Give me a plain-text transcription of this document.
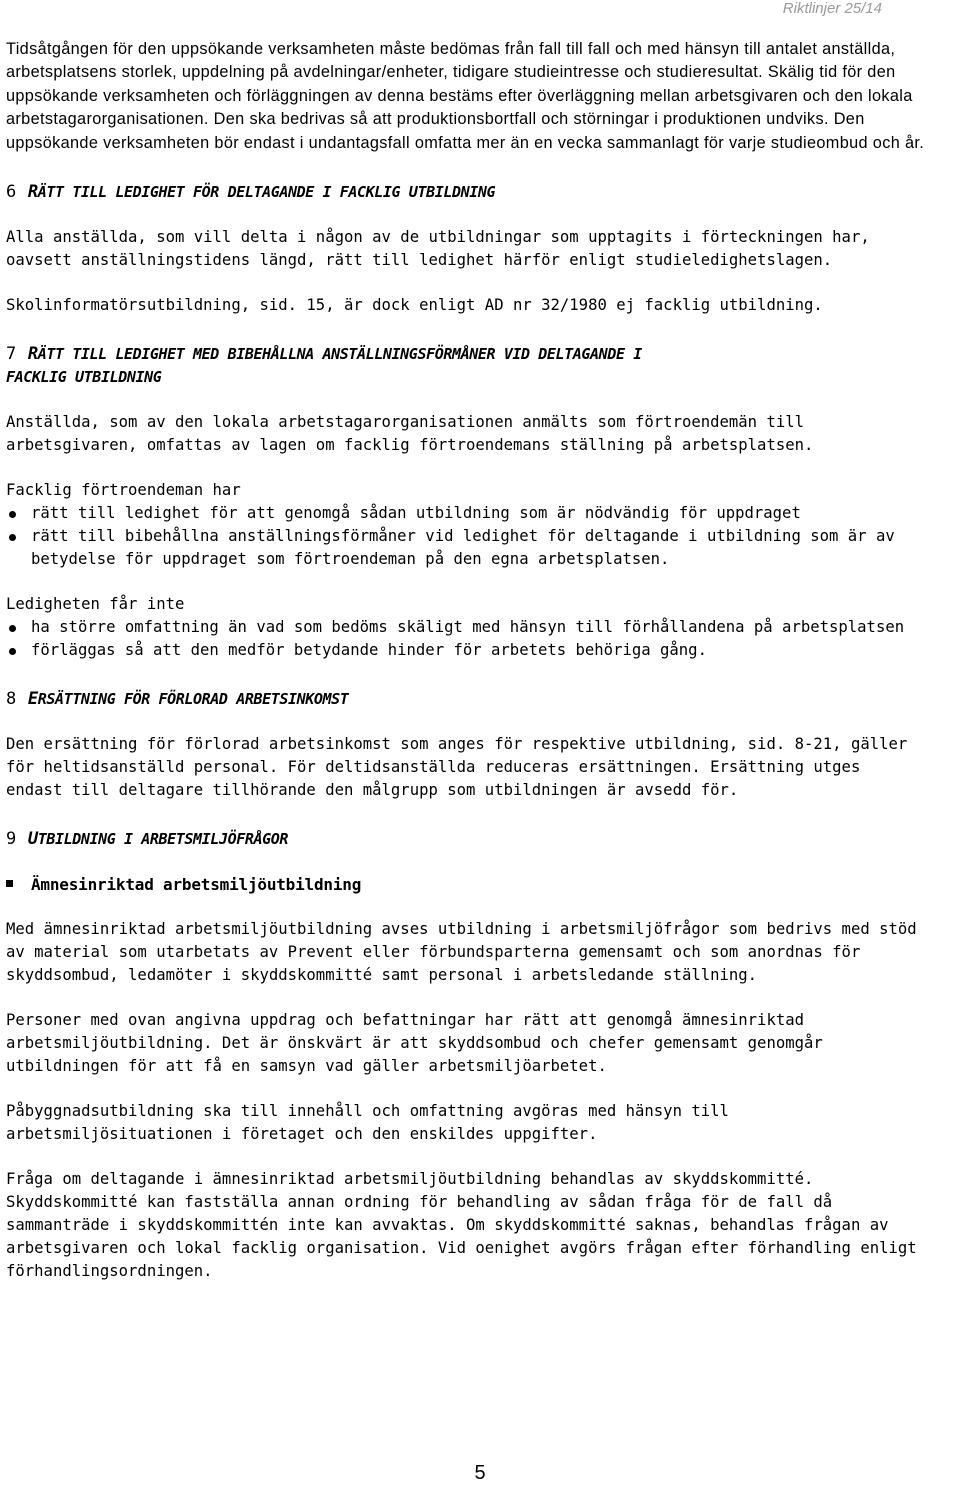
Riktlinjer 25/14

Tidsåtgången för den uppsökande verksamheten måste bedömas från fall till fall och med hänsyn till antalet anställda, arbetsplatsens storlek, uppdelning på avdelningar/enheter, tidigare studieintresse och studieresultat. Skälig tid för den uppsökande verksamheten och förläggningen av denna bestäms efter överläggning mellan arbetsgivaren och den lokala arbetstagarorganisationen. Den ska bedrivas så att produktionsbortfall och störningar i produktionen undviks. Den uppsökande verksamheten bör endast i undantagsfall omfatta mer än en vecka sammanlagt för varje studieombud och år.

6 RÄTT TILL LEDIGHET FÖR DELTAGANDE I FACKLIG UTBILDNING

Alla anställda, som vill delta i någon av de utbildningar som upptagits i förteckningen har, oavsett anställningstidens längd, rätt till ledighet härför enligt studieledighetslagen.

Skolinformatörsutbildning, sid. 15, är dock enligt AD nr 32/1980 ej facklig utbildning.

7 RÄTT TILL LEDIGHET MED BIBEHÅLLNA ANSTÄLLNINGSFÖRMÅNER VID DELTAGANDE I
FACKLIG UTBILDNING

Anställda, som av den lokala arbetstagarorganisationen anmälts som förtroendemän till arbetsgivaren, omfattas av lagen om facklig förtroendemans ställning på arbetsplatsen.

Facklig förtroendeman har

rätt till ledighet för att genomgå sådan utbildning som är nödvändig för uppdraget
rätt till bibehållna anställningsförmåner vid ledighet för deltagande i utbildning som är av betydelse för uppdraget som förtroendeman på den egna arbetsplatsen.

Ledigheten får inte

ha större omfattning än vad som bedöms skäligt med hänsyn till förhållandena på arbetsplatsen
förläggas så att den medför betydande hinder för arbetets behöriga gång.

8 ERSÄTTNING FÖR FÖRLORAD ARBETSINKOMST

Den ersättning för förlorad arbetsinkomst som anges för respektive utbildning, sid. 8-21, gäller för heltidsanställd personal. För deltidsanställda reduceras ersättningen. Ersättning utges endast till deltagare tillhörande den målgrupp som utbildningen är avsedd för.

9 UTBILDNING I ARBETSMILJÖFRÅGOR

Ämnesinriktad arbetsmiljöutbildning

Med ämnesinriktad arbetsmiljöutbildning avses utbildning i arbetsmiljöfrågor som bedrivs med stöd av material som utarbetats av Prevent eller förbundsparterna gemensamt och som anordnas för skyddsombud, ledamöter i skyddskommitté samt personal i arbetsledande ställning.

Personer med ovan angivna uppdrag och befattningar har rätt att genomgå ämnesinriktad arbetsmiljöutbildning. Det är önskvärt är att skyddsombud och chefer gemensamt genomgår utbildningen för att få en samsyn vad gäller arbetsmiljöarbetet.

Påbyggnadsutbildning ska till innehåll och omfattning avgöras med hänsyn till arbetsmiljösituationen i företaget och den enskildes uppgifter.

Fråga om deltagande i ämnesinriktad arbetsmiljöutbildning behandlas av skyddskommitté. Skyddskommitté kan fastställa annan ordning för behandling av sådan fråga för de fall då sammanträde i skyddskommittén inte kan avvaktas. Om skyddskommitté saknas, behandlas frågan av arbetsgivaren och lokal facklig organisation. Vid oenighet avgörs frågan efter förhandling enligt förhandlingsordningen.

5
